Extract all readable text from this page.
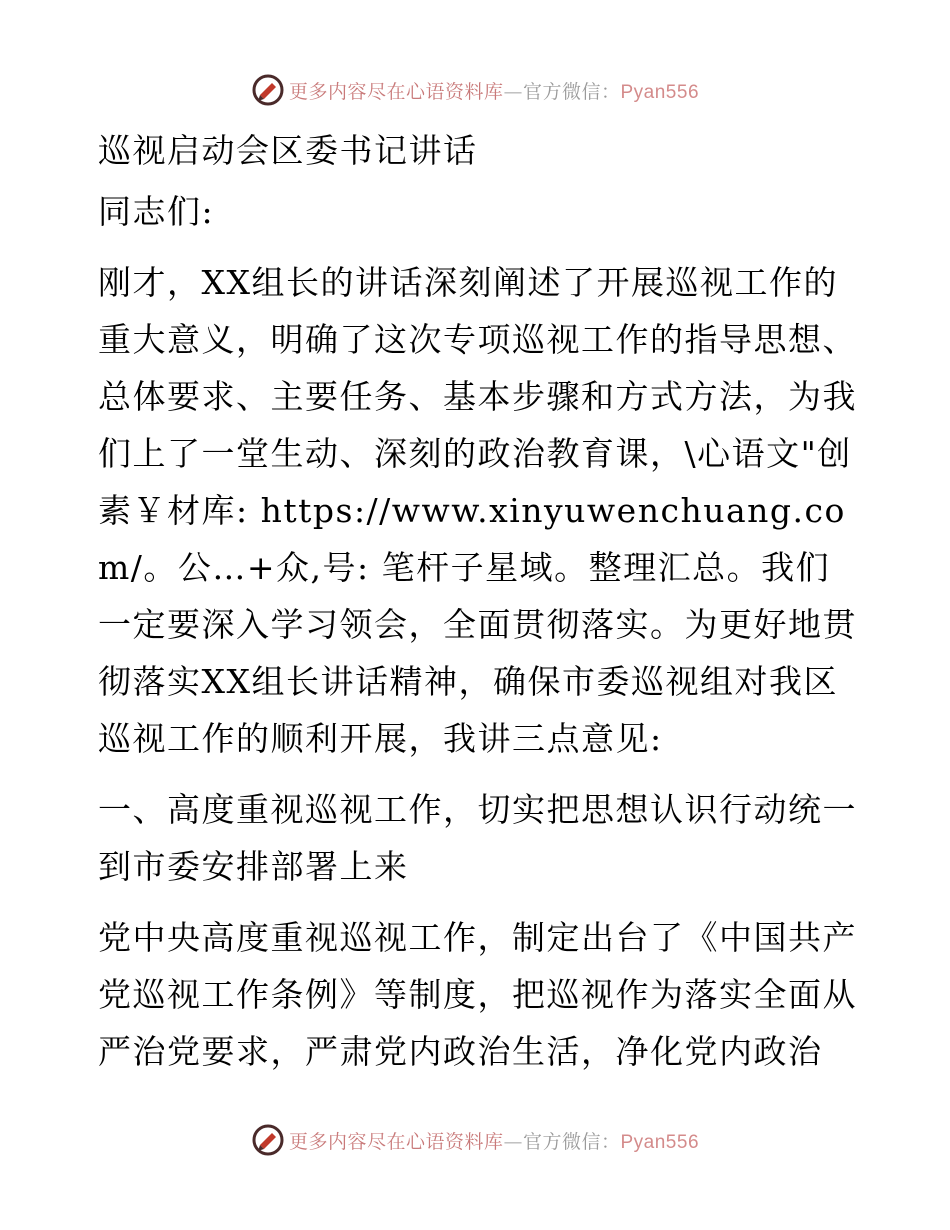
更多内容尽在心语资料库—官方微信：Pyan556

巡视启动会区委书记讲话

同志们:

刚才，XX组长的讲话深刻阐述了开展巡视工作的重大意义，明确了这次专项巡视工作的指导思想、总体要求、主要任务、基本步骤和方式方法，为我们上了一堂生动、深刻的政治教育课，\心语文"创素￥材库: https://www.xinyuwenchuang.com/。公…+众,号: 笔杆子星域。整理汇总。我们一定要深入学习领会，全面贯彻落实。为更好地贯彻落实XX组长讲话精神，确保市委巡视组对我区巡视工作的顺利开展，我讲三点意见:

一、高度重视巡视工作，切实把思想认识行动统一到市委安排部署上来

党中央高度重视巡视工作，制定出台了《中国共产党巡视工作条例》等制度，把巡视作为落实全面从严治党要求，严肃党内政治生活，净化党内政治

更多内容尽在心语资料库—官方微信：Pyan556
